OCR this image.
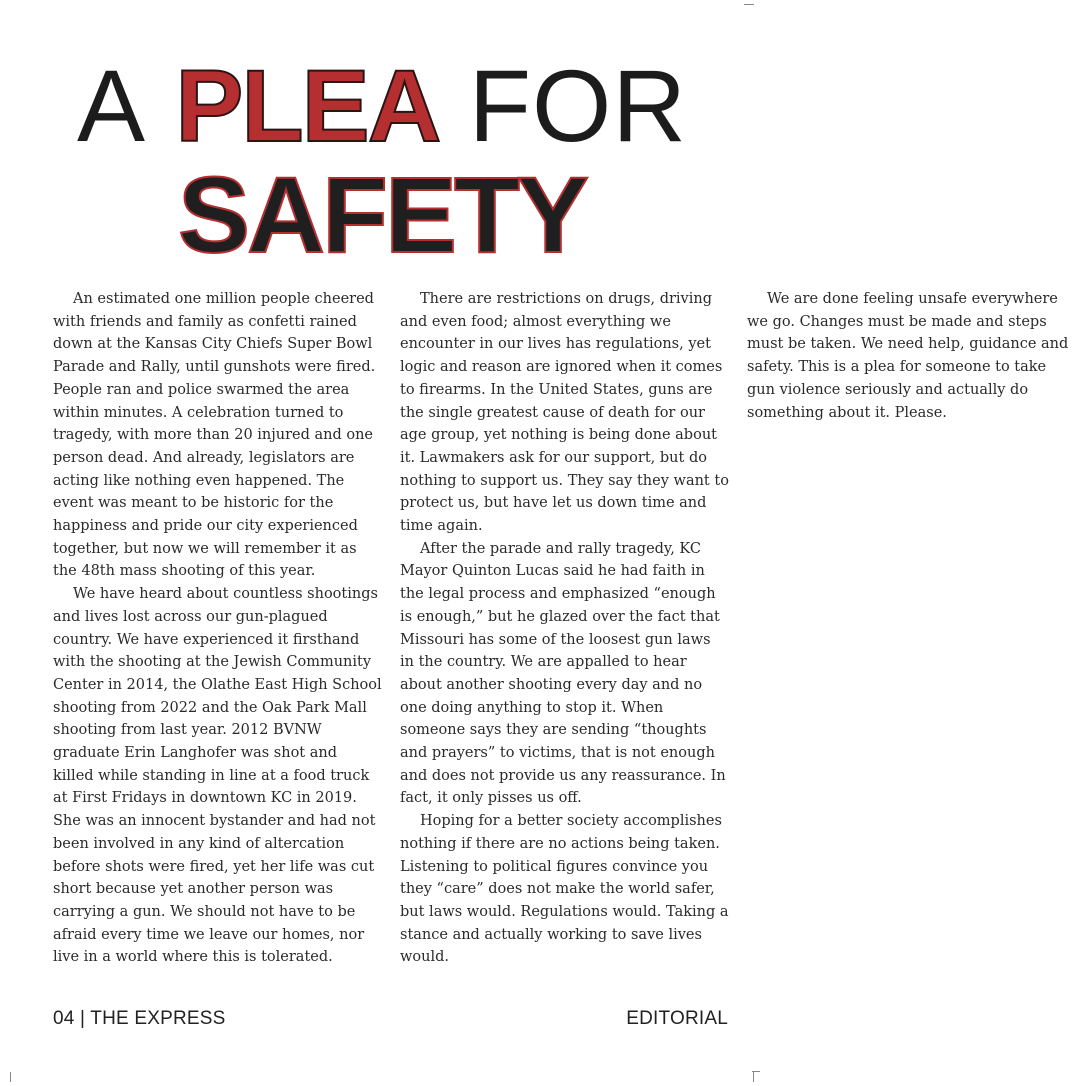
A PLEA FOR
SAFETY

An estimated one million people cheered with friends and family as confetti rained down at the Kansas City Chiefs Super Bowl Parade and Rally, until gunshots were fired. People ran and police swarmed the area within minutes. A celebration turned to tragedy, with more than 20 injured and one person dead. And already, legislators are acting like nothing even happened. The event was meant to be historic for the happiness and pride our city experienced together, but now we will remember it as the 48th mass shooting of this year.

We have heard about countless shootings and lives lost across our gun-plagued country. We have experienced it firsthand with the shooting at the Jewish Community Center in 2014, the Olathe East High School shooting from 2022 and the Oak Park Mall shooting from last year. 2012 BVNW graduate Erin Langhofer was shot and killed while standing in line at a food truck at First Fridays in downtown KC in 2019. She was an innocent bystander and had not been involved in any kind of altercation before shots were fired, yet her life was cut short because yet another person was carrying a gun. We should not have to be afraid every time we leave our homes, nor live in a world where this is tolerated.

There are restrictions on drugs, driving and even food; almost everything we encounter in our lives has regulations, yet logic and reason are ignored when it comes to firearms. In the United States, guns are the single greatest cause of death for our age group, yet nothing is being done about it. Lawmakers ask for our support, but do nothing to support us. They say they want to protect us, but have let us down time and time again.

After the parade and rally tragedy, KC Mayor Quinton Lucas said he had faith in the legal process and emphasized “enough is enough,” but he glazed over the fact that Missouri has some of the loosest gun laws in the country. We are appalled to hear about another shooting every day and no one doing anything to stop it. When someone says they are sending “thoughts and prayers” to victims, that is not enough and does not provide us any reassurance. In fact, it only pisses us off.

Hoping for a better society accomplishes nothing if there are no actions being taken. Listening to political figures convince you they “care” does not make the world safer, but laws would. Regulations would. Taking a stance and actually working to save lives would.

We are done feeling unsafe everywhere we go. Changes must be made and steps must be taken. We need help, guidance and safety. This is a plea for someone to take gun violence seriously and actually do something about it. Please.

04 | THE EXPRESS	EDITORIAL
